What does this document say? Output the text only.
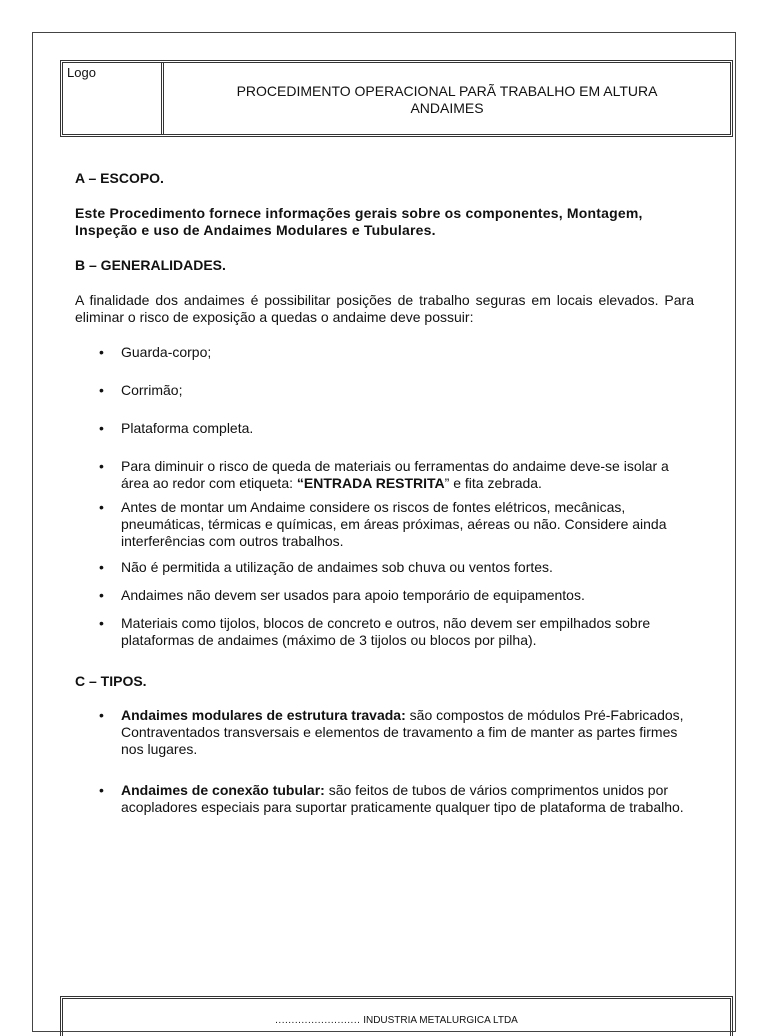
Logo
PROCEDIMENTO OPERACIONAL PARÃ TRABALHO EM ALTURA
ANDAIMES

A – ESCOPO.

Este Procedimento fornece informações gerais sobre os componentes, Montagem, Inspeção e uso de Andaimes Modulares e Tubulares.

B – GENERALIDADES.

A finalidade dos andaimes é possibilitar posições de trabalho seguras em locais elevados. Para eliminar o risco de exposição a quedas o andaime deve possuir:

• Guarda-corpo;
• Corrimão;
• Plataforma completa.
• Para diminuir o risco de queda de materiais ou ferramentas do andaime deve-se isolar a área ao redor com etiqueta: “ENTRADA RESTRITA” e fita zebrada.
• Antes de montar um Andaime considere os riscos de fontes elétricos, mecânicas, pneumáticas, térmicas e químicas, em áreas próximas, aéreas ou não. Considere ainda interferências com outros trabalhos.
• Não é permitida a utilização de andaimes sob chuva ou ventos fortes.
• Andaimes não devem ser usados para apoio temporário de equipamentos.
• Materiais como tijolos, blocos de concreto e outros, não devem ser empilhados sobre plataformas de andaimes (máximo de 3 tijolos ou blocos por pilha).

C – TIPOS.

• Andaimes modulares de estrutura travada: são compostos de módulos Pré-Fabricados, Contraventados transversais e elementos de travamento a fim de manter as partes firmes nos lugares.
• Andaimes de conexão tubular: são feitos de tubos de vários comprimentos unidos por acopladores especiais para suportar praticamente qualquer tipo de plataforma de trabalho.
.......................... INDUSTRIA METALURGICA LTDA
